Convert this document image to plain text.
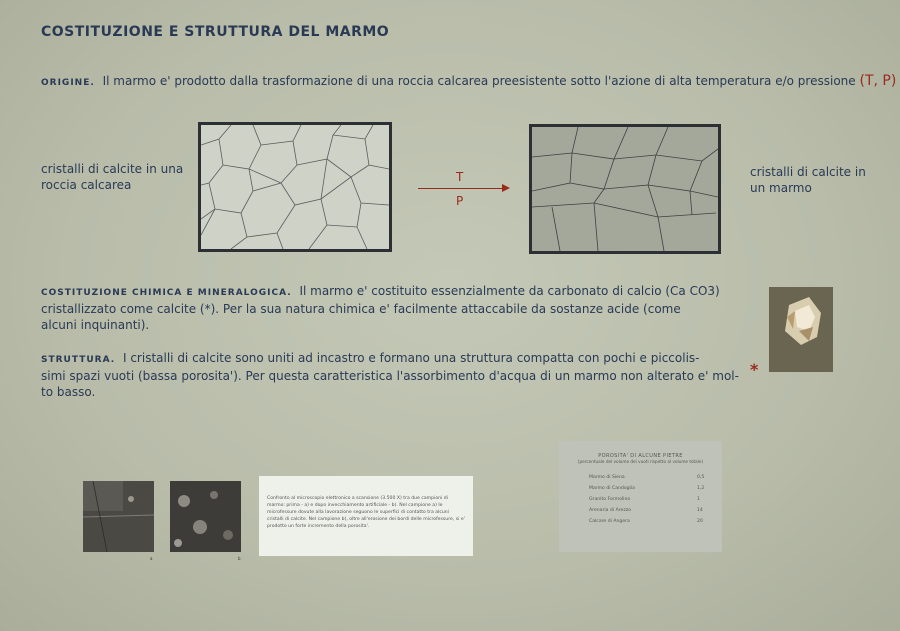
COSTITUZIONE E STRUTTURA DEL MARMO
ORIGINE. Il marmo e' prodotto dalla trasformazione di una roccia calcarea preesistente sotto l'azione di alta temperatura e/o pressione (T, P)
cristalli di calcite in una
roccia calcarea
T
P
cristalli di calcite in
un marmo
COSTITUZIONE CHIMICA E MINERALOGICA. Il marmo e' costituito essenzialmente da carbonato di calcio (Ca CO3)
cristallizzato come calcite (*). Per la sua natura chimica e' facilmente attaccabile da sostanze acide (come
alcuni inquinanti).
*
STRUTTURA. I cristalli di calcite sono uniti ad incastro e formano una struttura compatta con pochi e piccolis-
simi spazi vuoti (bassa porosita'). Per questa caratteristica l'assorbimento d'acqua di un marmo non alterato e' mol-
to basso.
a	b
Confronto al microscopio elettronico a scansione (3.500 X) tra due campioni di marmo: prima - a) e dopo invecchiamento artificiale - b). Nel campione a) le microfessure dovute alla lavorazione seguono le superfici di contatto tra alcuni cristalli di calcite. Nel campione b), oltre all'erosione dei bordi delle microfessure, si e' prodotto un forte incremento della porosita'.
POROSITA' DI ALCUNE PIETRE
(percentuale del volume dei vuoti rispetto al volume totale)
Marmo di Siena	0,5
Marmo di Candoglia	1,2
Granito Formolino	1
Arenaria di Arezzo	14
Calcare di Angera	20
